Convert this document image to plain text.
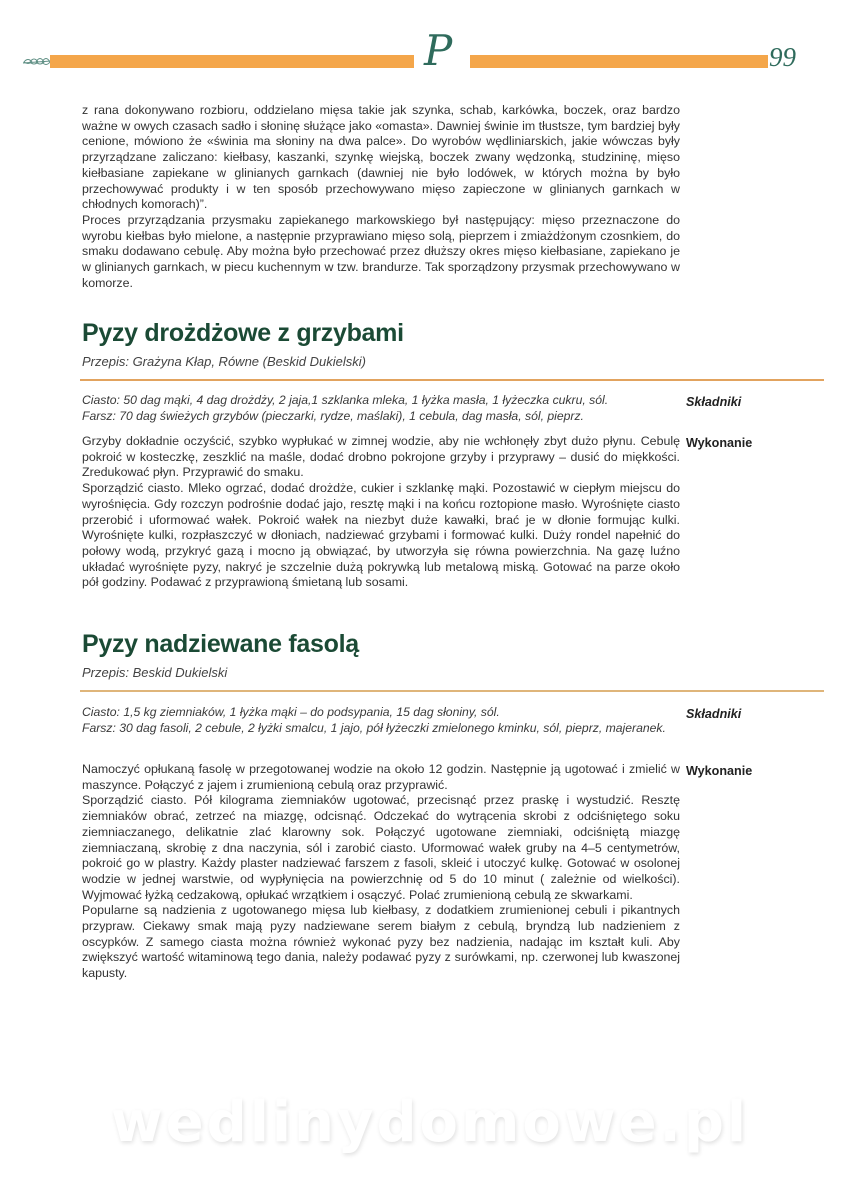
P	99

z rana dokonywano rozbioru, oddzielano mięsa takie jak szynka, schab, karkówka, boczek, oraz bardzo ważne w owych czasach sadło i słoninę służące jako «omasta». Dawniej świnie im tłustsze, tym bardziej były cenione, mówiono że «świnia ma słoniny na dwa palce». Do wyrobów wędliniarskich, jakie wówczas były przyrządzane zaliczano: kiełbasy, kaszanki, szynkę wiejską, boczek zwany wędzonką, studzininę, mięso kiełbasiane zapiekane w glinianych garnkach (dawniej nie było lodówek, w których można by było przechowywać produkty i w ten sposób przechowywano mięso zapieczone w glinianych garnkach w chłodnych komorach)”.

Proces przyrządzania przysmaku zapiekanego markowskiego był następujący: mięso przeznaczone do wyrobu kiełbas było mielone, a następnie przyprawiano mięso solą, pieprzem i zmiażdżonym czosnkiem, do smaku dodawano cebulę. Aby można było przechować przez dłuższy okres mięso kiełbasiane, zapiekano je w glinianych garnkach, w piecu kuchennym w tzw. brandurze. Tak sporządzony przysmak przechowywano w komorze.

Pyzy drożdżowe z grzybami
Przepis: Grażyna Kłap, Równe (Beskid Dukielski)
Ciasto: 50 dag mąki, 4 dag drożdży, 2 jaja,1 szklanka mleka, 1 łyżka masła, 1 łyżeczka cukru, sól.
Farsz: 70 dag świeżych grzybów (pieczarki, rydze, maślaki), 1 cebula, dag masła, sól, pieprz.
Składniki

Grzyby dokładnie oczyścić, szybko wypłukać w zimnej wodzie, aby nie wchłonęły zbyt dużo płynu. Cebulę pokroić w kosteczkę, zeszklić na maśle, dodać drobno pokrojone grzyby i przyprawy – dusić do miękkości. Zredukować płyn. Przyprawić do smaku.

Sporządzić ciasto. Mleko ogrzać, dodać drożdże, cukier i szklankę mąki. Pozostawić w ciepłym miejscu do wyrośnięcia. Gdy rozczyn podrośnie dodać jajo, resztę mąki i na końcu roztopione masło. Wyrośnięte ciasto przerobić i uformować wałek. Pokroić wałek na niezbyt duże kawałki, brać je w dłonie formując kulki. Wyrośnięte kulki, rozpłaszczyć w dłoniach, nadziewać grzybami i formować kulki. Duży rondel napełnić do połowy wodą, przykryć gazą i mocno ją obwiązać, by utworzyła się równa powierzchnia. Na gazę luźno układać wyrośnięte pyzy, nakryć je szczelnie dużą pokrywką lub metalową miską. Gotować na parze około pół godziny. Podawać z przyprawioną śmietaną lub sosami.

Wykonanie
Pyzy nadziewane fasolą
Przepis: Beskid Dukielski
Ciasto: 1,5 kg ziemniaków, 1 łyżka mąki – do podsypania, 15 dag słoniny, sól.
Farsz: 30 dag fasoli, 2 cebule, 2 łyżki smalcu, 1 jajo, pół łyżeczki zmielonego kminku, sól, pieprz, majeranek.
Składniki

Namoczyć opłukaną fasolę w przegotowanej wodzie na około 12 godzin. Następnie ją ugotować i zmielić w maszynce. Połączyć z jajem i zrumienioną cebulą oraz przyprawić.

Sporządzić ciasto. Pół kilograma ziemniaków ugotować, przecisnąć przez praskę i wystudzić. Resztę ziemniaków obrać, zetrzeć na miazgę, odcisnąć. Odczekać do wytrącenia skrobi z odciśniętego soku ziemniaczanego, delikatnie zlać klarowny sok. Połączyć ugotowane ziemniaki, odciśniętą miazgę ziemniaczaną, skrobię z dna naczynia, sól i zarobić ciasto. Uformować wałek gruby na 4–5 centymetrów, pokroić go w plastry. Każdy plaster nadziewać farszem z fasoli, skleić i utoczyć kulkę. Gotować w osolonej wodzie w jednej warstwie, od wypłynięcia na powierzchnię od 5 do 10 minut ( zależnie od wielkości). Wyjmować łyżką cedzakową, opłukać wrzątkiem i osączyć. Polać zrumienioną cebulą ze skwarkami.

Popularne są nadzienia z ugotowanego mięsa lub kiełbasy, z dodatkiem zrumienionej cebuli i pikantnych przypraw. Ciekawy smak mają pyzy nadziewane serem białym z cebulą, bryndzą lub nadzieniem z oscypków. Z samego ciasta można również wykonać pyzy bez nadzienia, nadając im kształt kuli. Aby zwiększyć wartość witaminową tego dania, należy podawać pyzy z surówkami, np. czerwonej lub kwaszonej kapusty.

Wykonanie
wedlinydomowe.pl
